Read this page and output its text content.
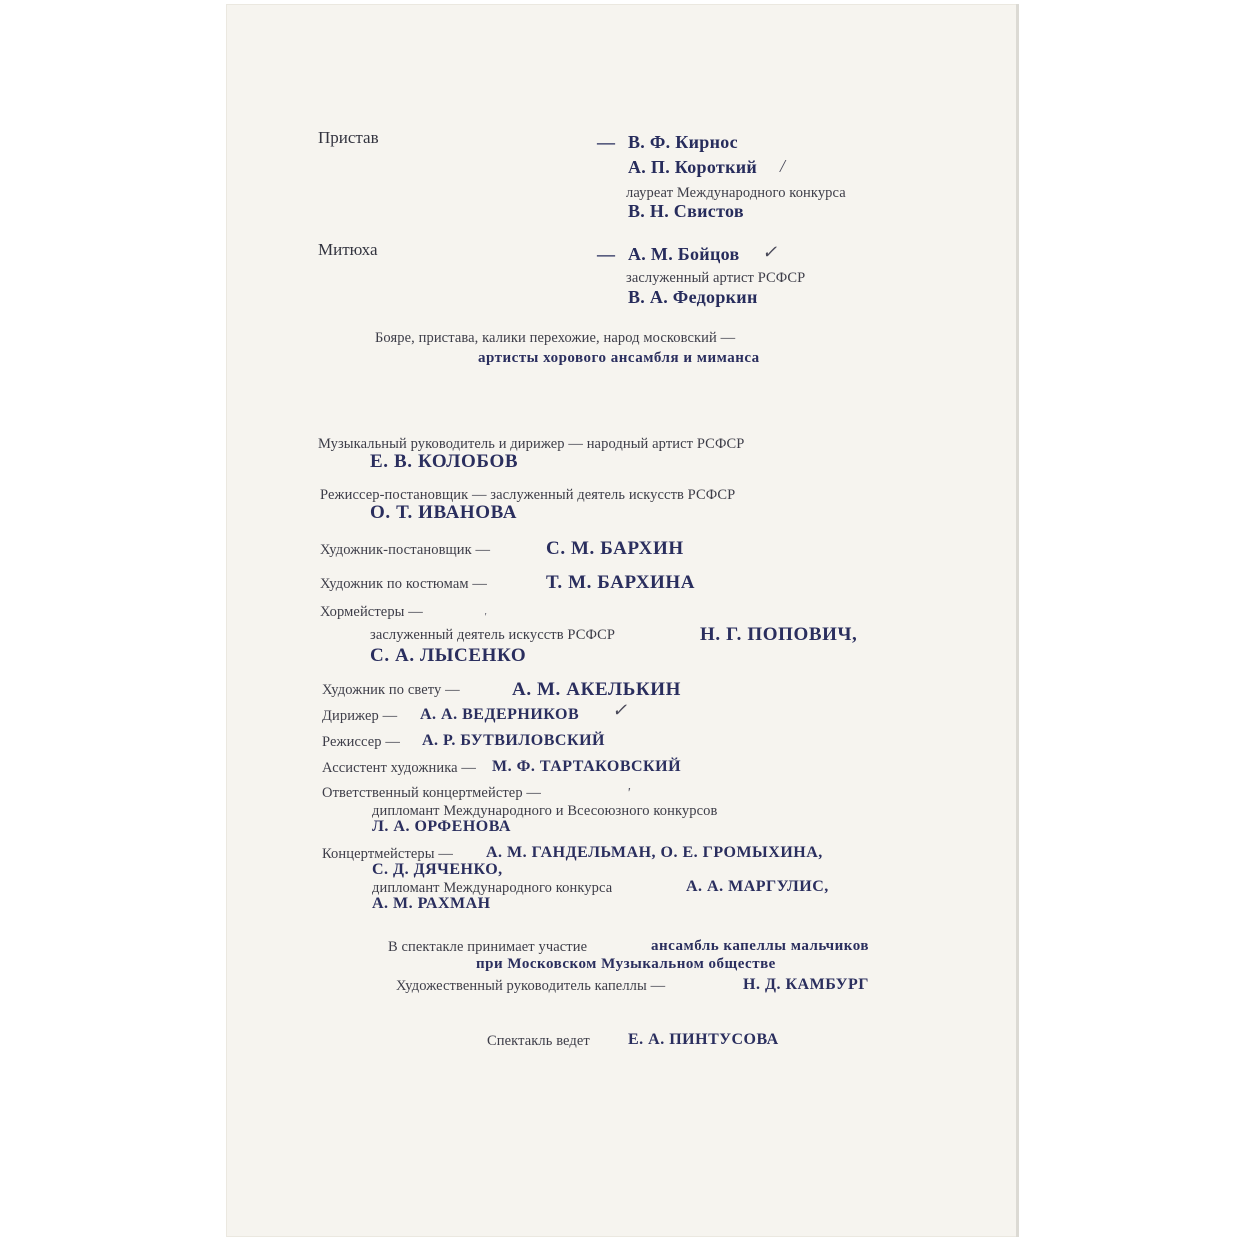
Пристав	— В. Ф. Кирнос
А. П. Короткий /
лауреат Международного конкурса
В. Н. Свистов
Митюха	— А. М. Бойцов ✓
заслуженный артист РСФСР
В. А. Федоркин
Бояре, пристава, калики перехожие, народ московский —
артисты хорового ансамбля и миманса
Музыкальный руководитель и дирижер — народный артист РСФСР
Е. В. КОЛОБОВ
Режиссер-постановщик — заслуженный деятель искусств РСФСР
О. Т. ИВАНОВА
Художник-постановщик —	С. М. БАРХИН
Художник по костюмам —	Т. М. БАРХИНА
Хормейстеры —	'
заслуженный деятель искусств РСФСР	Н. Г. ПОПОВИЧ,
С. А. ЛЫСЕНКО
Художник по свету —	А. М. АКЕЛЬКИН
Дирижер — А. А. ВЕДЕРНИКОВ ✓
Режиссер — А. Р. БУТВИЛОВСКИЙ
Ассистент художника — М. Ф. ТАРТАКОВСКИЙ
Ответственный концертмейстер —	'
дипломант Международного и Всесоюзного конкурсов
Л. А. ОРФЕНОВА
Концертмейстеры — А. М. ГАНДЕЛЬМАН, О. Е. ГРОМЫХИНА,
С. Д. ДЯЧЕНКО,
дипломант Международного конкурса	А. А. МАРГУЛИС,
А. М. РАХМАН
В спектакле принимает участие	ансамбль капеллы мальчиков
при Московском Музыкальном обществе
Художественный руководитель капеллы —	Н. Д. КАМБУРГ
Спектакль ведет Е. А. ПИНТУСОВА
